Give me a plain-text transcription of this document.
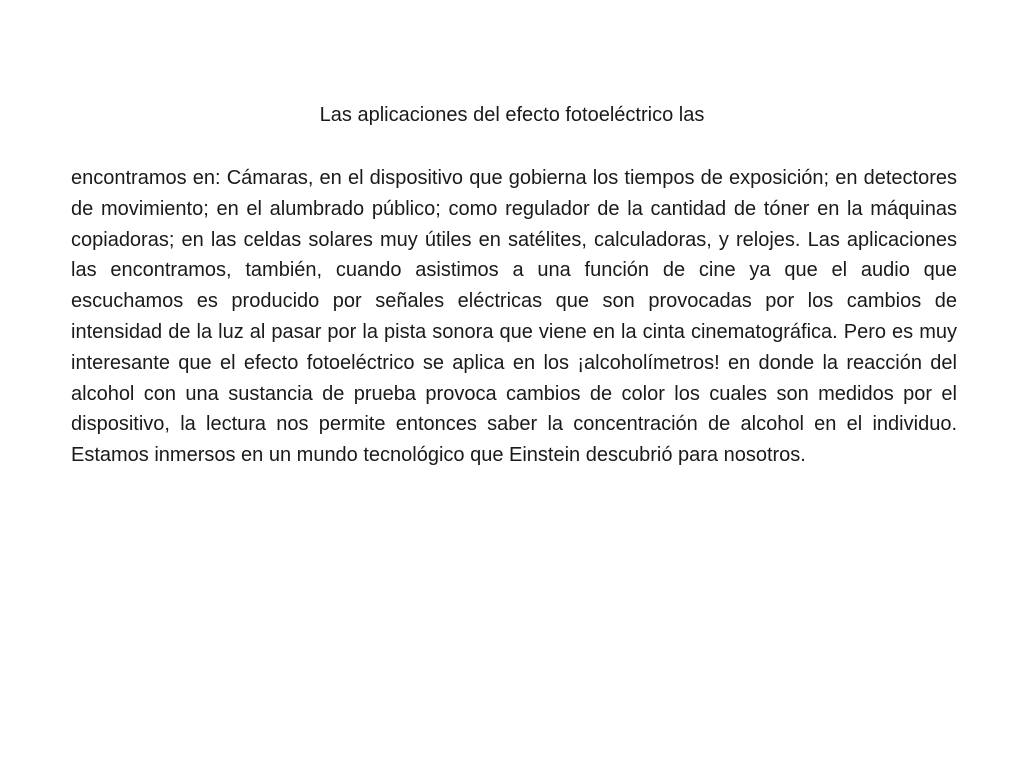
Las aplicaciones del efecto fotoeléctrico las

encontramos en: Cámaras, en el dispositivo que gobierna los tiempos de exposición; en detectores de movimiento; en el alumbrado público; como regulador de la cantidad de tóner en la máquinas copiadoras; en las celdas solares muy útiles en satélites, calculadoras, y relojes. Las aplicaciones las encontramos, también, cuando asistimos a una función de cine ya que el audio que escuchamos es producido por señales eléctricas que son provocadas por los cambios de intensidad de la luz al pasar por la pista sonora que viene en la cinta cinematográfica. Pero es muy interesante que el efecto fotoeléctrico se aplica en los ¡alcoholímetros! en donde la reacción del alcohol con una sustancia de prueba provoca cambios de color los cuales son medidos por el dispositivo, la lectura nos permite entonces saber la concentración de alcohol en el individuo. Estamos inmersos en un mundo tecnológico que Einstein descubrió para nosotros.
